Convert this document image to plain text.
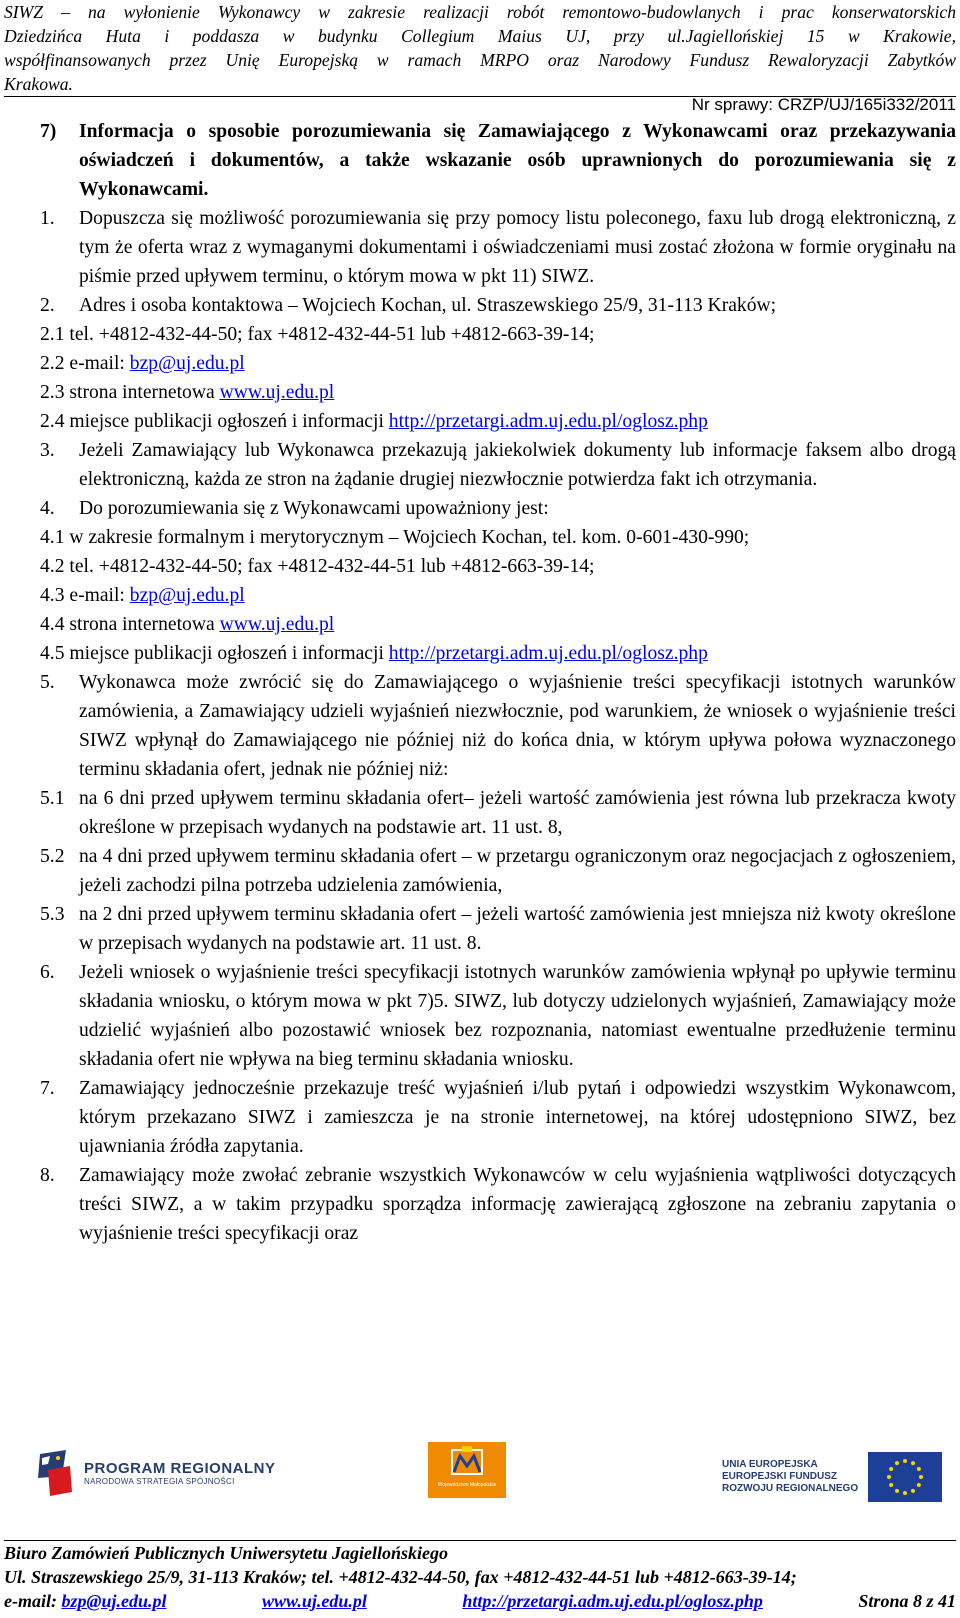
SIWZ – na wyłonienie Wykonawcy w zakresie realizacji robót remontowo-budowlanych i prac konserwatorskich
Dziedzińca Huta i poddasza w budynku Collegium Maius UJ, przy ul.Jagiellońskiej 15 w Krakowie,
współfinansowanych przez Unię Europejską w ramach MRPO oraz Narodowy Fundusz Rewaloryzacji Zabytków
Krakowa.
Nr sprawy: CRZP/UJ/165i332/2011
7)	Informacja o sposobie porozumiewania się Zamawiającego z Wykonawcami oraz przekazywania oświadczeń i dokumentów, a także wskazanie osób uprawnionych do porozumiewania się z Wykonawcami.
1.	Dopuszcza się możliwość porozumiewania się przy pomocy listu poleconego, faxu lub drogą elektroniczną, z tym że oferta wraz z wymaganymi dokumentami i oświadczeniami musi zostać złożona w formie oryginału na piśmie przed upływem terminu, o którym mowa w pkt 11) SIWZ.
2.	Adres i osoba kontaktowa – Wojciech Kochan, ul. Straszewskiego 25/9, 31-113 Kraków;
2.1 tel. +4812-432-44-50; fax +4812-432-44-51 lub +4812-663-39-14;
2.2 e-mail: bzp@uj.edu.pl
2.3 strona internetowa www.uj.edu.pl
2.4 miejsce publikacji ogłoszeń i informacji http://przetargi.adm.uj.edu.pl/oglosz.php
3.	Jeżeli Zamawiający lub Wykonawca przekazują jakiekolwiek dokumenty lub informacje faksem albo drogą elektroniczną, każda ze stron na żądanie drugiej niezwłocznie potwierdza fakt ich otrzymania.
4.	Do porozumiewania się z Wykonawcami upoważniony jest:
4.1 w zakresie formalnym i merytorycznym – Wojciech Kochan, tel. kom. 0-601-430-990;
4.2 tel. +4812-432-44-50; fax +4812-432-44-51 lub +4812-663-39-14;
4.3 e-mail: bzp@uj.edu.pl
4.4 strona internetowa www.uj.edu.pl
4.5 miejsce publikacji ogłoszeń i informacji http://przetargi.adm.uj.edu.pl/oglosz.php
5.	Wykonawca może zwrócić się do Zamawiającego o wyjaśnienie treści specyfikacji istotnych warunków zamówienia, a Zamawiający udzieli wyjaśnień niezwłocznie, pod warunkiem, że wniosek o wyjaśnienie treści SIWZ wpłynął do Zamawiającego nie później niż do końca dnia, w którym upływa połowa wyznaczonego terminu składania ofert, jednak nie później niż:
5.1 na 6 dni przed upływem terminu składania ofert– jeżeli wartość zamówienia jest równa lub przekracza kwoty określone w przepisach wydanych na podstawie art. 11 ust. 8,
5.2 na 4 dni przed upływem terminu składania ofert – w przetargu ograniczonym oraz negocjacjach z ogłoszeniem, jeżeli zachodzi pilna potrzeba udzielenia zamówienia,
5.3 na 2 dni przed upływem terminu składania ofert – jeżeli wartość zamówienia jest mniejsza niż kwoty określone w przepisach wydanych na podstawie art. 11 ust. 8.
6.	Jeżeli wniosek o wyjaśnienie treści specyfikacji istotnych warunków zamówienia wpłynął po upływie terminu składania wniosku, o którym mowa w pkt 7)5. SIWZ, lub dotyczy udzielonych wyjaśnień, Zamawiający może udzielić wyjaśnień albo pozostawić wniosek bez rozpoznania, natomiast ewentualne przedłużenie terminu składania ofert nie wpływa na bieg terminu składania wniosku.
7.	Zamawiający jednocześnie przekazuje treść wyjaśnień i/lub pytań i odpowiedzi wszystkim Wykonawcom, którym przekazano SIWZ i zamieszcza je na stronie internetowej, na której udostępniono SIWZ, bez ujawniania źródła zapytania.
8.	Zamawiający może zwołać zebranie wszystkich Wykonawców w celu wyjaśnienia wątpliwości dotyczących treści SIWZ, a w takim przypadku sporządza informację zawierającą zgłoszone na zebraniu zapytania o wyjaśnienie treści specyfikacji oraz
PROGRAM REGIONALNY
NARODOWA STRATEGIA SPÓJNOŚCI	Województwo Małopolskie
UNIA EUROPEJSKA
EUROPEJSKI FUNDUSZ
ROZWOJU REGIONALNEGO
Biuro Zamówień Publicznych Uniwersytetu Jagiellońskiego
Ul. Straszewskiego 25/9, 31-113 Kraków; tel. +4812-432-44-50, fax +4812-432-44-51 lub +4812-663-39-14;
e-mail: bzp@uj.edu.pl	www.uj.edu.pl	http://przetargi.adm.uj.edu.pl/oglosz.php	Strona 8 z 41
